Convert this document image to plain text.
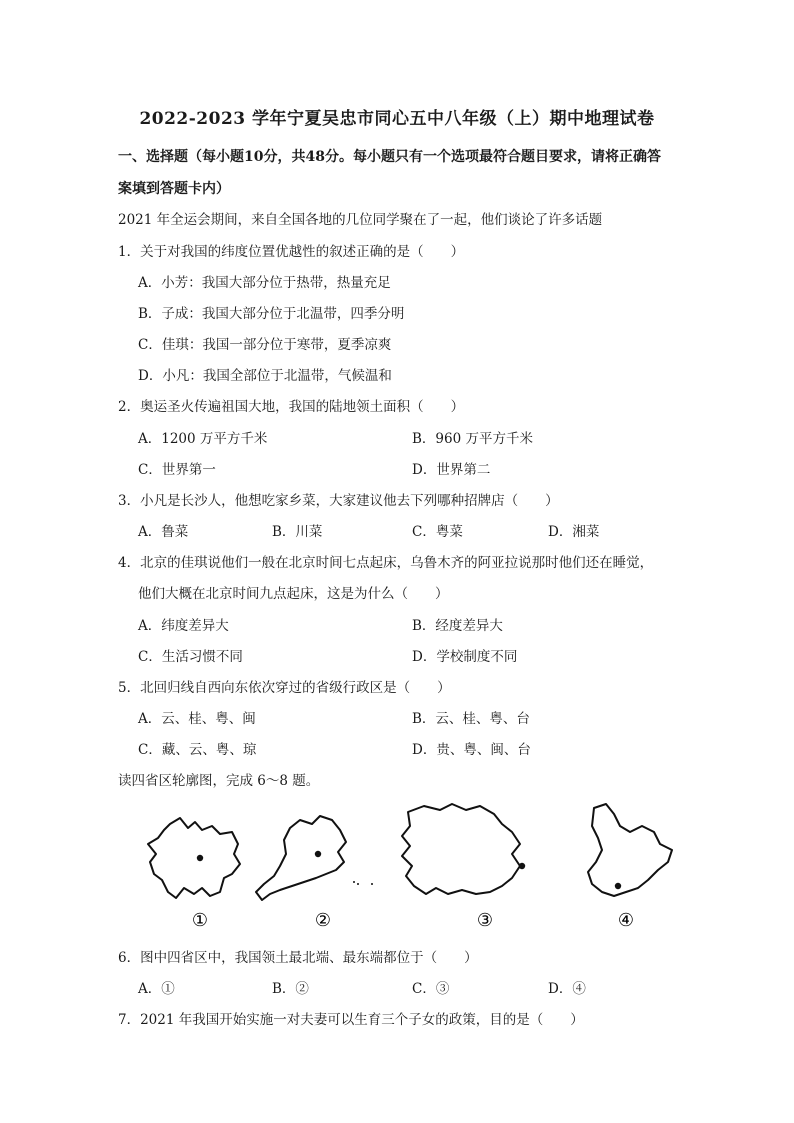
2022-2023 学年宁夏吴忠市同心五中八年级（上）期中地理试卷
一、选择题（每小题10分，共48分。每小题只有一个选项最符合题目要求，请将正确答
案填到答题卡内）
2021 年全运会期间，来自全国各地的几位同学聚在了一起，他们谈论了许多话题
1．关于对我国的纬度位置优越性的叙述正确的是（　　）
A．小芳：我国大部分位于热带，热量充足
B．子成：我国大部分位于北温带，四季分明
C．佳琪：我国一部分位于寒带，夏季凉爽
D．小凡：我国全部位于北温带，气候温和
2．奥运圣火传遍祖国大地，我国的陆地领土面积（　　）
A．1200 万平方千米	B．960 万平方千米
C．世界第一	D．世界第二
3．小凡是长沙人，他想吃家乡菜，大家建议他去下列哪种招牌店（　　）
A．鲁菜	B．川菜	C．粤菜	D．湘菜
4．北京的佳琪说他们一般在北京时间七点起床，乌鲁木齐的阿亚拉说那时他们还在睡觉，
他们大概在北京时间九点起床，这是为什么（　　）
A．纬度差异大	B．经度差异大
C．生活习惯不同	D．学校制度不同
5．北回归线自西向东依次穿过的省级行政区是（　　）
A．云、桂、粤、闽	B．云、桂、粤、台
C．藏、云、粤、琼	D．贵、粤、闽、台
读四省区轮廓图，完成 6～8 题。
①	②	③	④
6．图中四省区中，我国领土最北端、最东端都位于（　　）
A．①	B．②	C．③	D．④
7．2021 年我国开始实施一对夫妻可以生育三个子女的政策，目的是（　　）
